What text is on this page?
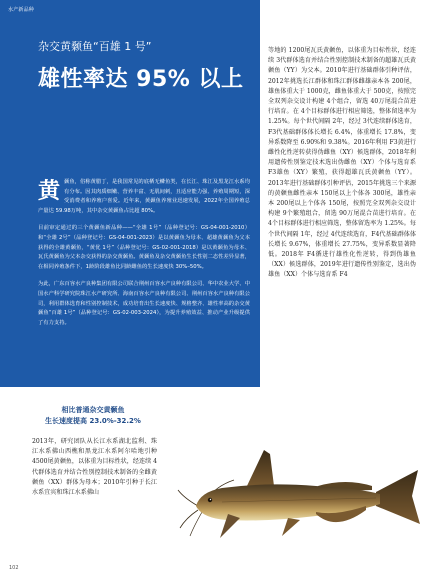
水产新品种
杂交黄颡鱼“百雄 1 号”
雄性率达 95% 以上

黄颡鱼，俗称黄腊丁，是我国常见的底栖无鳞鱼类，在长江、珠江及黑龙江水系均有分布。因其肉质细嫩、营养丰富、无肌间刺，且适应能力强、养殖周期短，深受消费者和养殖户喜爱。近年来，黄颡鱼养殖业迅速发展，2022年全国养殖总产量达 59.98万吨，其中杂交黄颡鱼占比超 80%。

目前审定通过的三个黄颡鱼新品种——“全雄 1号”（品种登记号：GS-04-001-2010）和“全雄 2号”（品种登记号：GS-04-001-2023）是以黄颡鱼为母本、超雄黄颡鱼为父本获得的全雄黄颡鱼，“黄优 1号”（品种登记号：GS-02-001-2018）是以黄颡鱼为母本、瓦氏黄颡鱼为父本杂交获得的杂交黄颡鱼。黄颡鱼及杂交黄颡鱼生长性别二态性差异显著，在相同养殖条件下，1龄阶段雄鱼比同龄雌鱼的生长速度快 30%–50%。

为此，广东百容水产良种集团有限公司联合荆州百容水产良种有限公司、华中农业大学、中国水产科学研究院珠江水产研究所、海南百容水产良种有限公司、荆州百容水产良种有限公司，利用群体选育和性别控制技术，成功培育出生长速度快、规格整齐、雄性率高的杂交黄颡鱼“百雄 1号”（品种登记号：GS-02-003-2024），为提升养殖效益、推动产业升级提供了有力支持。

等地的 1200尾瓦氏黄颡鱼，以体重为目标性状，经连续 3代群体选育并结合性别控制技术制备的超雄瓦氏黄颡鱼（YY）为父本。2010年进行基础群体引种评估，2012年挑选长江群体和珠江群体雌雄亲本各 200尾，雄鱼体重大于 1000克，雌鱼体重大于 500克，按照完全双列杂交设计构建 4个组合，留选 40万尾混合苗进行培育。在 4个目标群体进行相应筛选，整体留选率为 1.25%。每个世代间隔 2年，经过 3代连续群体选育，F3代基础群体体长增长 6.4%，体重增长 17.8%，变异系数降至 6.90%和 9.38%。2016年利用 F3黄进行雌性化性逆转获得伪雌鱼（XY）候选群体，2018年利用遗传性别鉴定技术选出伪雌鱼（XY）个体与选育系 F3雄鱼（XY）繁殖，获得超雄瓦氏黄颡鱼（YY）。2013年进行基础群体引种评估，2015年挑选三个来源的黄颡鱼雌性亲本 150尾以上个体各 300尾，雄性亲本 200尾以上个体各 150尾，按照完全双列杂交设计构建 9个繁殖组合，留选 90万尾混合苗进行培育。在 4个目标群体进行相应筛选，整体留选率为 1.25%。每个世代间隔 1年，经过 4代连续选育，F4代基础群体体长增长 9.67%，体重增长 27.75%，变异系数显著降低。2018年 F4循进行雄性化性逆转，得到伪雄鱼（XX）候选群体，2019年进行遗传性别鉴定，选出伪雄鱼（XX）个体与选育系 F4

相比普通杂交黄颡鱼
生长速度提高 23.0%-32.2%
2013年，研究团队从长江水系湖北监利、珠江水系佛山西樵和黑龙江水系阿尔哈地引种 4500尾黄颡鱼，以体重为目标性状，经连续 4代群体选育并结合性别控制技术制备的全雌黄颡鱼（XX）群体为母本；2010年引种于长江水系宜宾和珠江水系佛山
102
